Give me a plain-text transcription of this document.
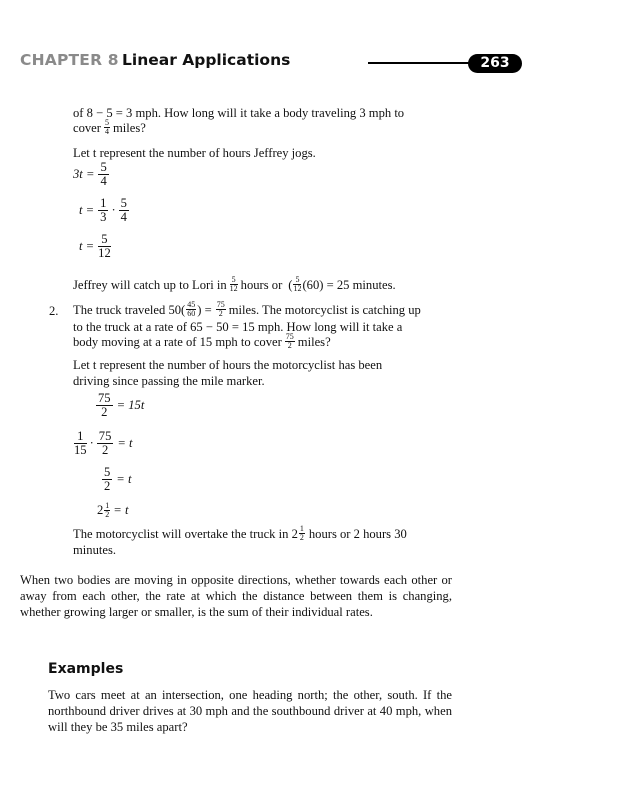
CHAPTER 8 Linear Applications	263
of 8 − 5 = 3 mph. How long will it take a body traveling 3 mph to
cover $\frac{5}{4}$ miles?
Let t represent the number of hours Jeffrey jogs.
$3t = \frac{5}{4}$
$t = \frac{1}{3} \cdot \frac{5}{4}$
$t = \frac{5}{12}$
Jeffrey will catch up to Lori in $\frac{5}{12}$ hours or ( $\frac{5}{12} (60) = 25$ minutes.
2. The truck traveled $50( \frac{45}{60}$ ) = $\frac{75}{2}$ miles. The motorcyclist is catching up
to the truck at a rate of 65 − 50 = 15 mph. How long will it take a
body moving at a rate of 15 mph to cover $\frac{75}{2}$ miles?
Let t represent the number of hours the motorcyclist has been
driving since passing the mile marker.
$\frac{75}{2} = 15t$
$\frac{1}{15} \cdot \frac{75}{2} = t$
$\frac{5}{2} = t$
$2 \frac{1}{2} = t$
The motorcyclist will overtake the truck in $2 \frac{1}{2}$ hours or 2 hours 30
minutes.
When two bodies are moving in opposite directions, whether towards each other or away from each other, the rate at which the distance between them is changing, whether growing larger or smaller, is the sum of their individual rates.
Examples
Two cars meet at an intersection, one heading north; the other, south. If the northbound driver drives at 30 mph and the southbound driver at 40 mph, when will they be 35 miles apart?
